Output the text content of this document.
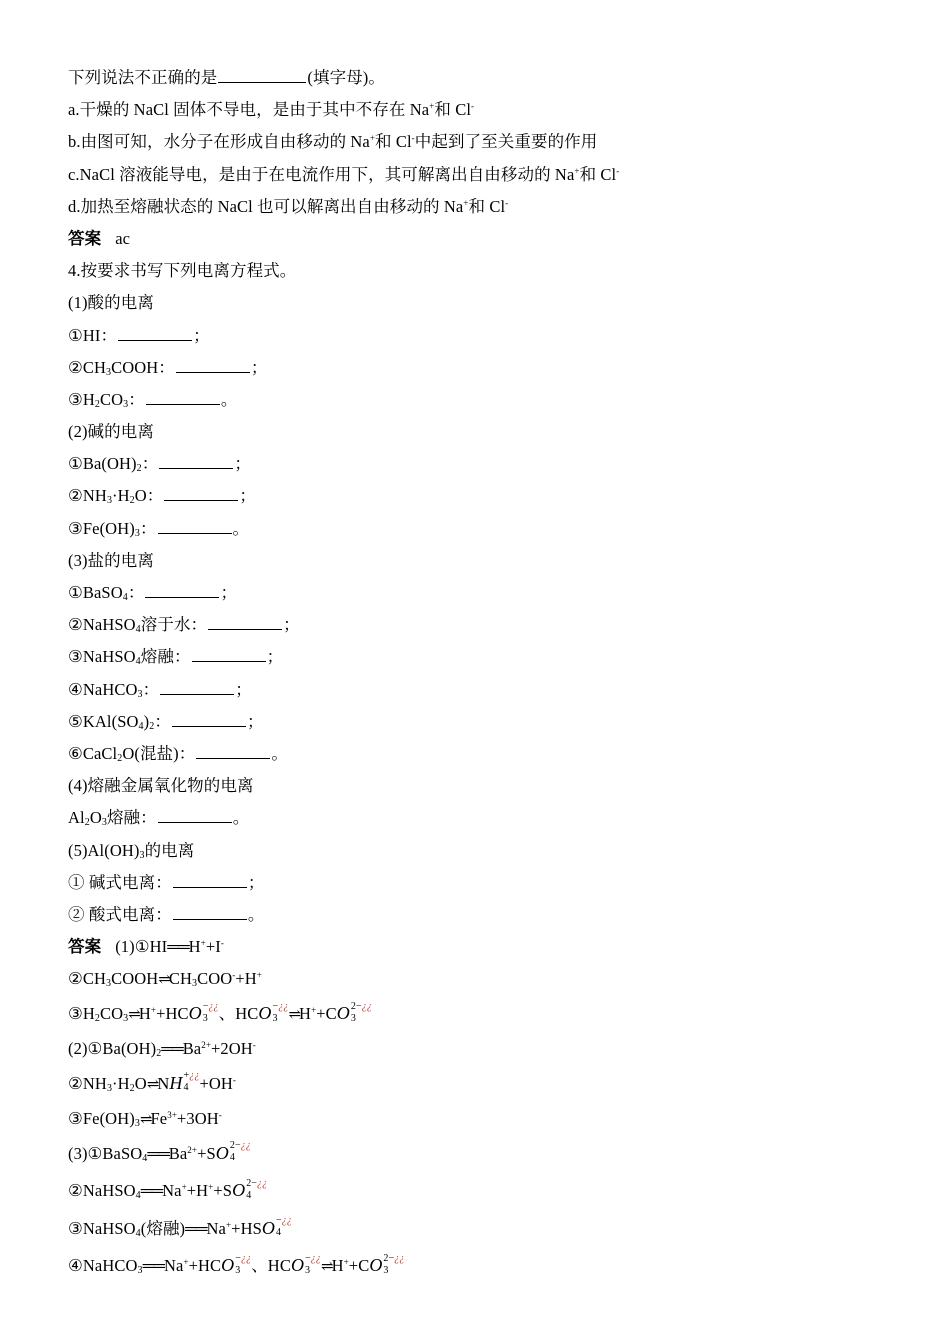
下列说法不正确的是	(填字母)。
a.干燥的 NaCl 固体不导电，是由于其中不存在 Na+和 Cl-
b.由图可知，水分子在形成自由移动的 Na+和 Cl-中起到了至关重要的作用
c.NaCl 溶液能导电，是由于在电流作用下，其可解离出自由移动的 Na+和 Cl-
d.加热至熔融状态的 NaCl 也可以解离出自由移动的 Na+和 Cl-
答案 ac
4.按要求书写下列电离方程式。
(1)酸的电离
①HI：	；
$②CH_3COOH$：	；
$③H_2CO_3$：	。
(2)碱的电离
$①Ba(OH)_2$：	；
$②NH_3\cdot H_2O$：	；
$③Fe(OH)_3$：	。
(3)盐的电离
①BaSO$_4$：	；
②NaHSO$_4$溶于水：	；
③NaHSO$_4$熔融：	；
④NaHCO$_3$：	；
$⑤KAl(SO_4)_2$：	；
⑥CaCl$_2$O(混盐)：	。
(4)熔融金属氧化物的电离
$Al_2O_3$熔融：	。
$(5)Al(OH)_3$的电离
① 碱式电离：	；
② 酸式电离：	。
答案 (1)①HI══H++I-
$②CH_3COOH\rightleftharpoons CH_3COO^-+H^+$
$③H_2CO_3\rightleftharpoons H^++HCO$ −¿¿
3 、HCO −¿¿
3 ⇌H++CO 2−¿¿
3
$(2)①Ba(OH)_2══Ba^{2+}+2OH^-$
$②NH_3\cdot H_2O\rightleftharpoons NH$ +¿¿
4 +OH-
$③Fe(OH)_3\rightleftharpoons Fe^{3+}+3OH^-$
$(3)①BaSO_4══Ba^{2+}+SO$ 2−¿¿
4
②NaHSO$_4$══Na++H++SO 2−¿¿
4
③NaHSO$_4$(熔融)══Na++HSO −¿¿
4
④NaHCO$_3$══Na++HCO −¿¿
3 、HCO −¿¿
3 ⇌H++CO 2−¿¿
3
